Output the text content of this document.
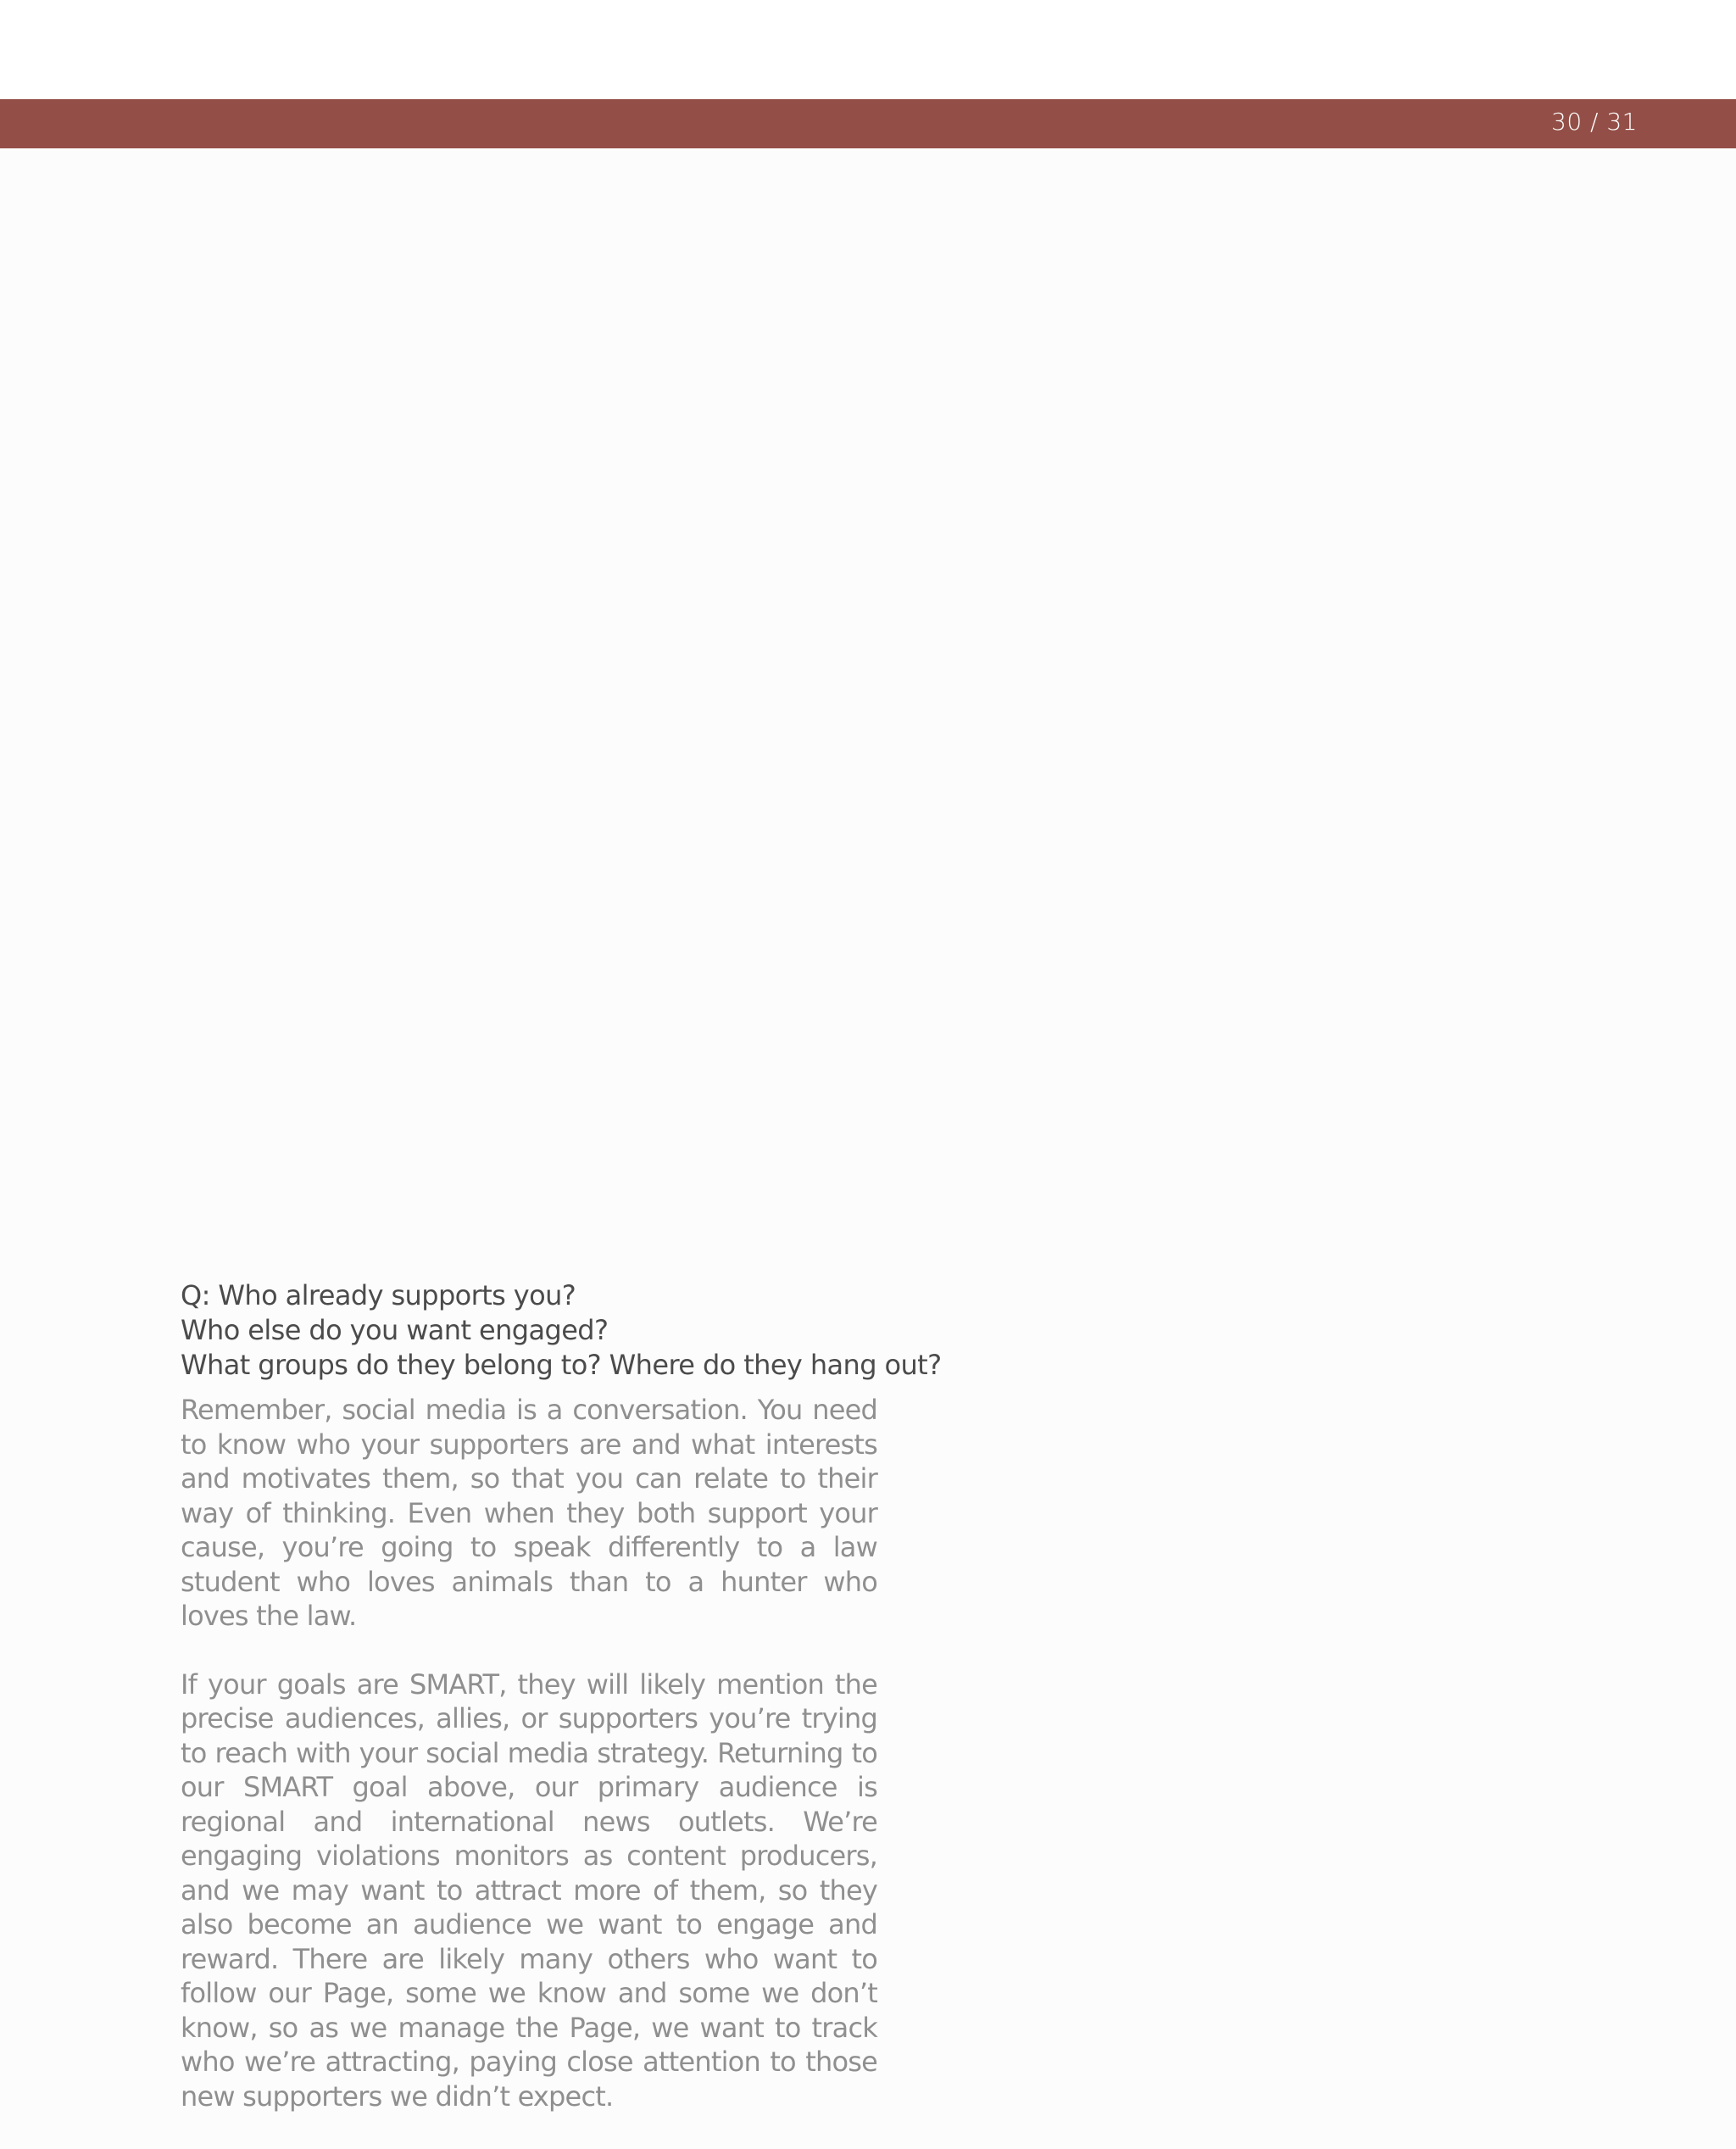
30 / 31
Q: Who already supports you?
Who else do you want engaged?
What groups do they belong to? Where do they hang out?

Remember, social media is a conversation. You need to know who your supporters are and what interests and motivates them, so that you can relate to their way of thinking. Even when they both support your cause, you’re going to speak differently to a law student who loves animals than to a hunter who loves the law.

If your goals are SMART, they will likely mention the precise audiences, allies, or supporters you’re trying to reach with your social media strategy. Returning to our SMART goal above, our primary audience is regional and international news outlets. We’re engaging violations monitors as content producers, and we may want to attract more of them, so they also become an audience we want to engage and reward. There are likely many others who want to follow our Page, some we know and some we don’t know, so as we manage the Page, we want to track who we’re attracting, paying close attention to those new supporters we didn’t expect.
